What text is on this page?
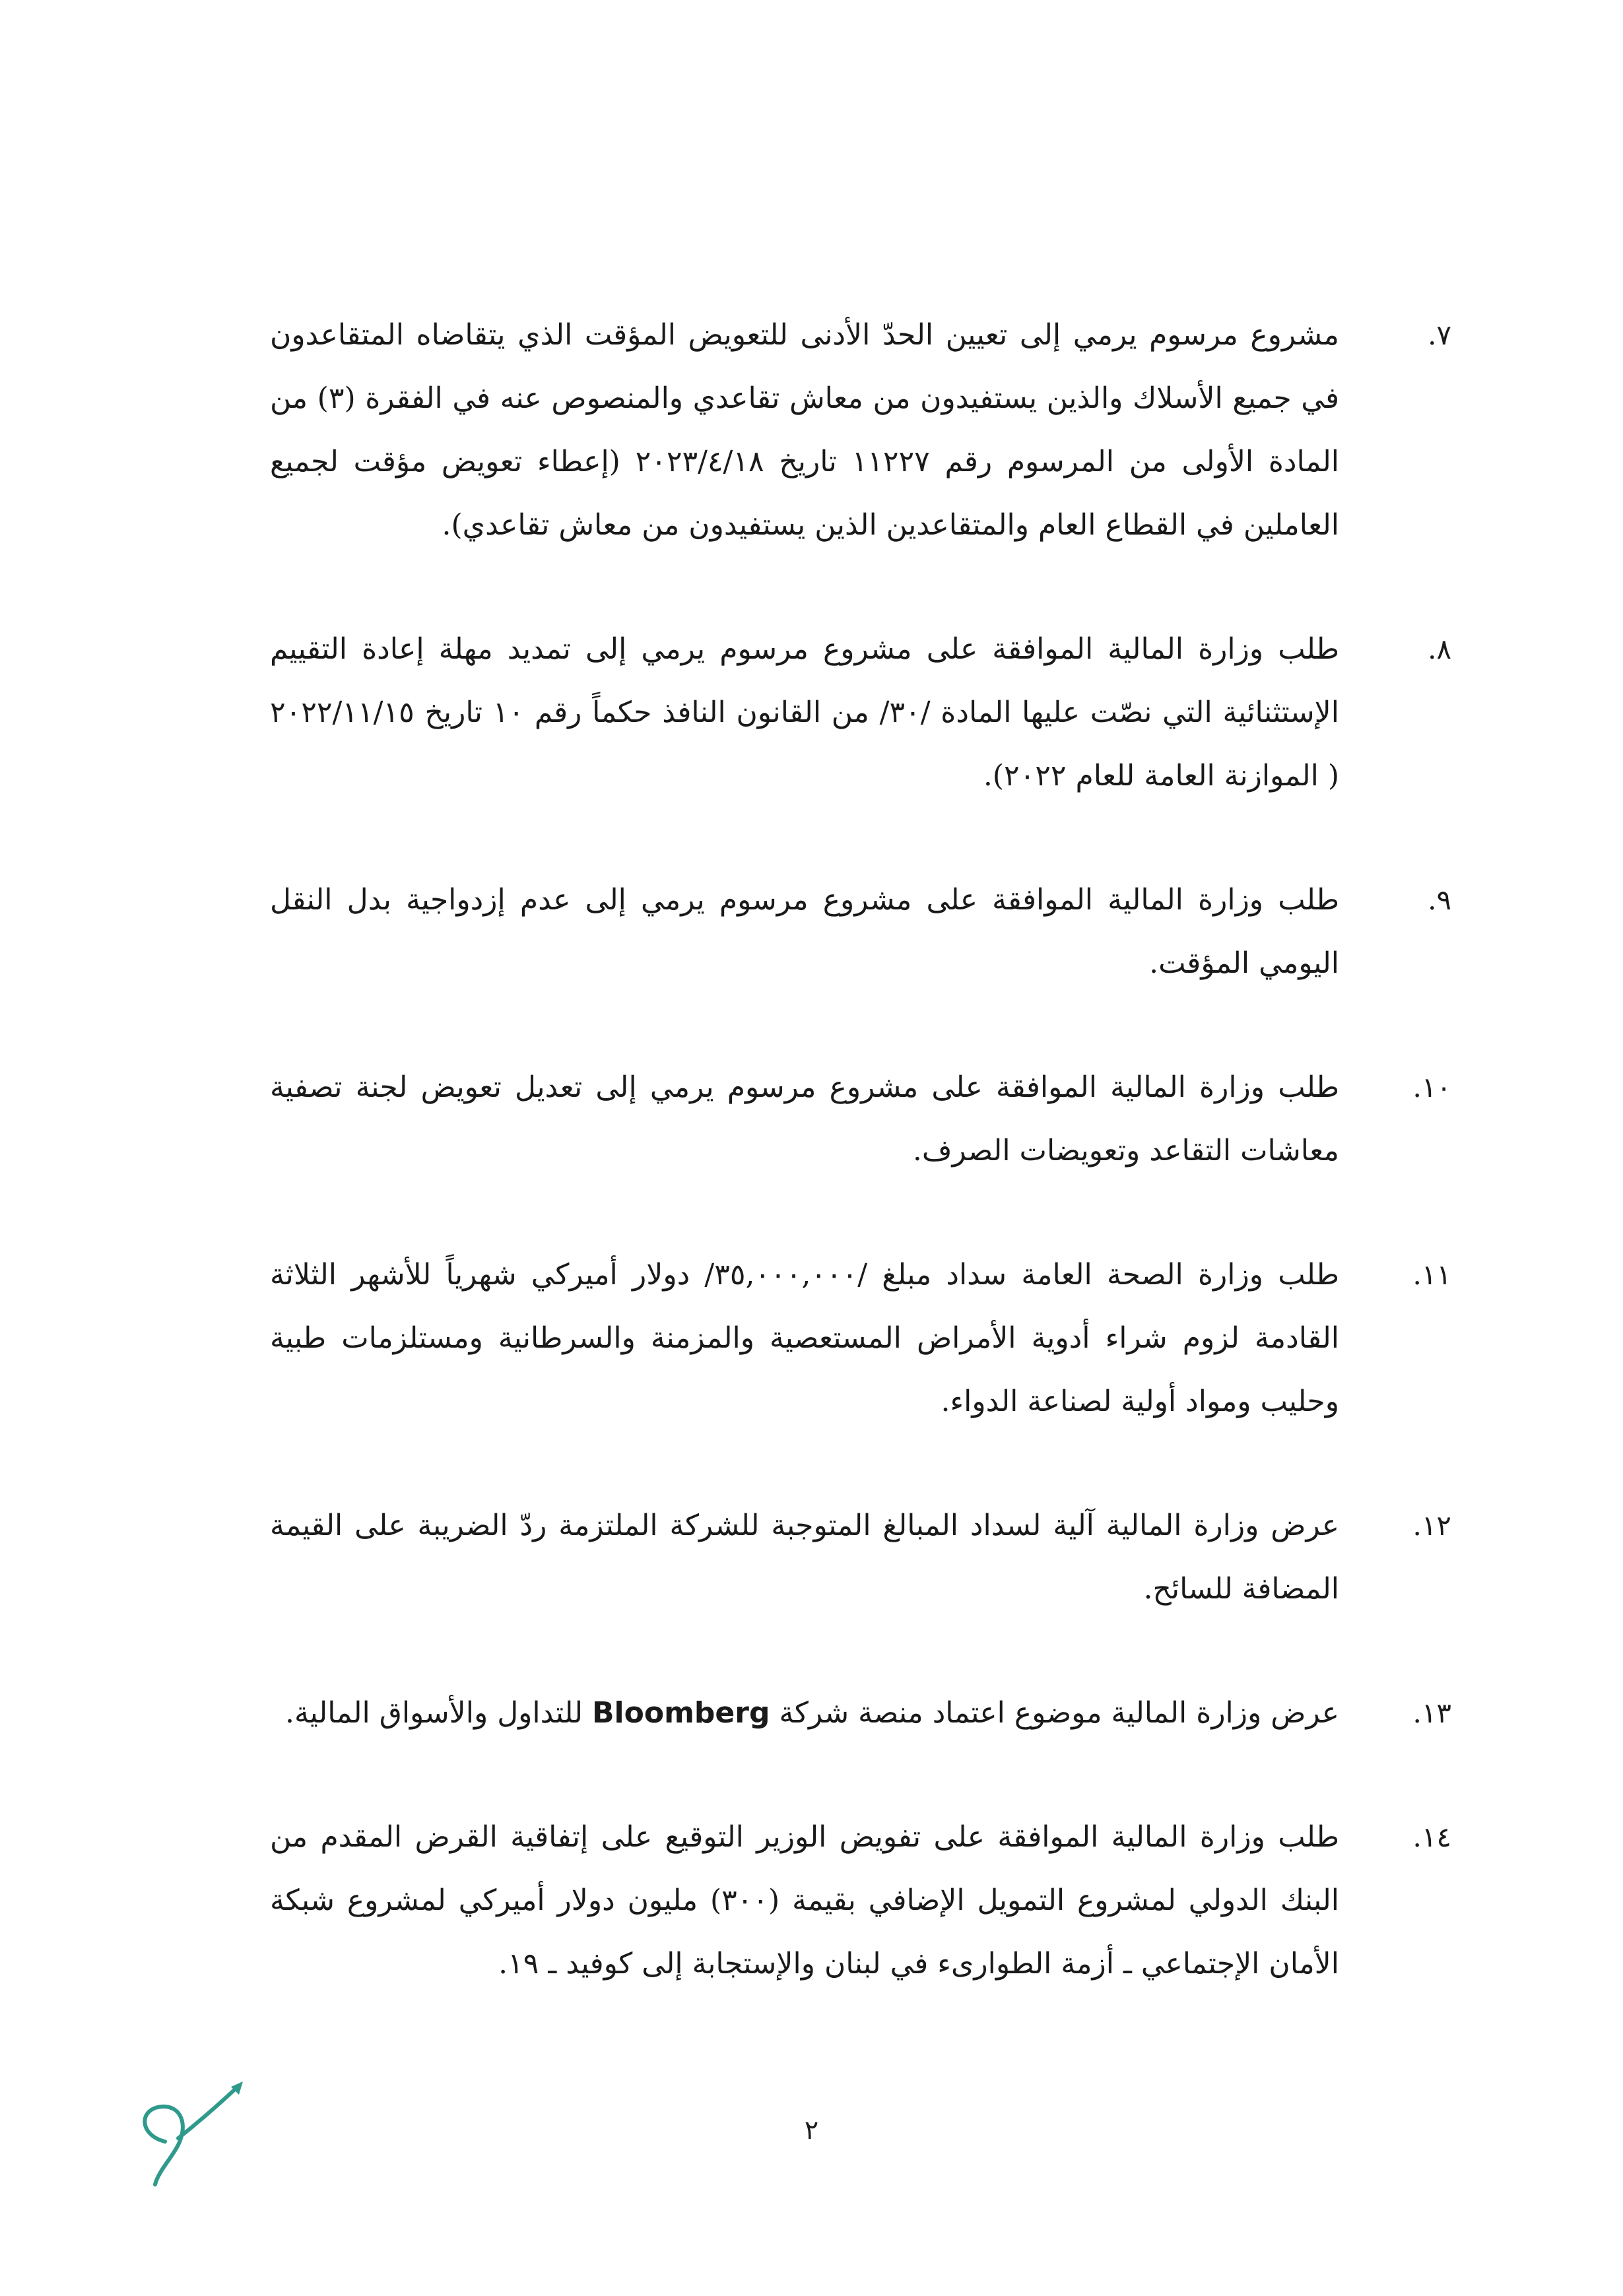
٧.
مشروع مرسوم يرمي إلى تعيين الحدّ الأدنى للتعويض المؤقت الذي يتقاضاه المتقاعدون في جميع الأسلاك والذين يستفيدون من معاش تقاعدي والمنصوص عنه في الفقرة (٣) من المادة الأولى من المرسوم رقم ١١٢٢٧ تاريخ ٢٠٢٣/٤/١٨ (إعطاء تعويض مؤقت لجميع العاملين في القطاع العام والمتقاعدين الذين يستفيدون من معاش تقاعدي).
٨.
طلب وزارة المالية الموافقة على مشروع مرسوم يرمي إلى تمديد مهلة إعادة التقييم الإستثنائية التي نصّت عليها المادة /٣٠/ من القانون النافذ حكماً رقم ١٠ تاريخ ٢٠٢٢/١١/١٥ ( الموازنة العامة للعام ٢٠٢٢).
٩.
طلب وزارة المالية الموافقة على مشروع مرسوم يرمي إلى عدم إزدواجية بدل النقل اليومي المؤقت.
١٠.
طلب وزارة المالية الموافقة على مشروع مرسوم يرمي إلى تعديل تعويض لجنة تصفية معاشات التقاعد وتعويضات الصرف.
١١.
طلب وزارة الصحة العامة سداد مبلغ /٣٥,٠٠٠,٠٠٠/ دولار أميركي شهرياً للأشهر الثلاثة القادمة لزوم شراء أدوية الأمراض المستعصية والمزمنة والسرطانية ومستلزمات طبية وحليب ومواد أولية لصناعة الدواء.
١٢.
عرض وزارة المالية آلية لسداد المبالغ المتوجبة للشركة الملتزمة ردّ الضريبة على القيمة المضافة للسائح.
١٣.
عرض وزارة المالية موضوع اعتماد منصة شركة Bloomberg للتداول والأسواق المالية.
١٤.
طلب وزارة المالية الموافقة على تفويض الوزير التوقيع على إتفاقية القرض المقدم من البنك الدولي لمشروع التمويل الإضافي بقيمة (٣٠٠) مليون دولار أميركي لمشروع شبكة الأمان الإجتماعي ـ أزمة الطوارىء في لبنان والإستجابة إلى كوفيد ـ ١٩.
٢
